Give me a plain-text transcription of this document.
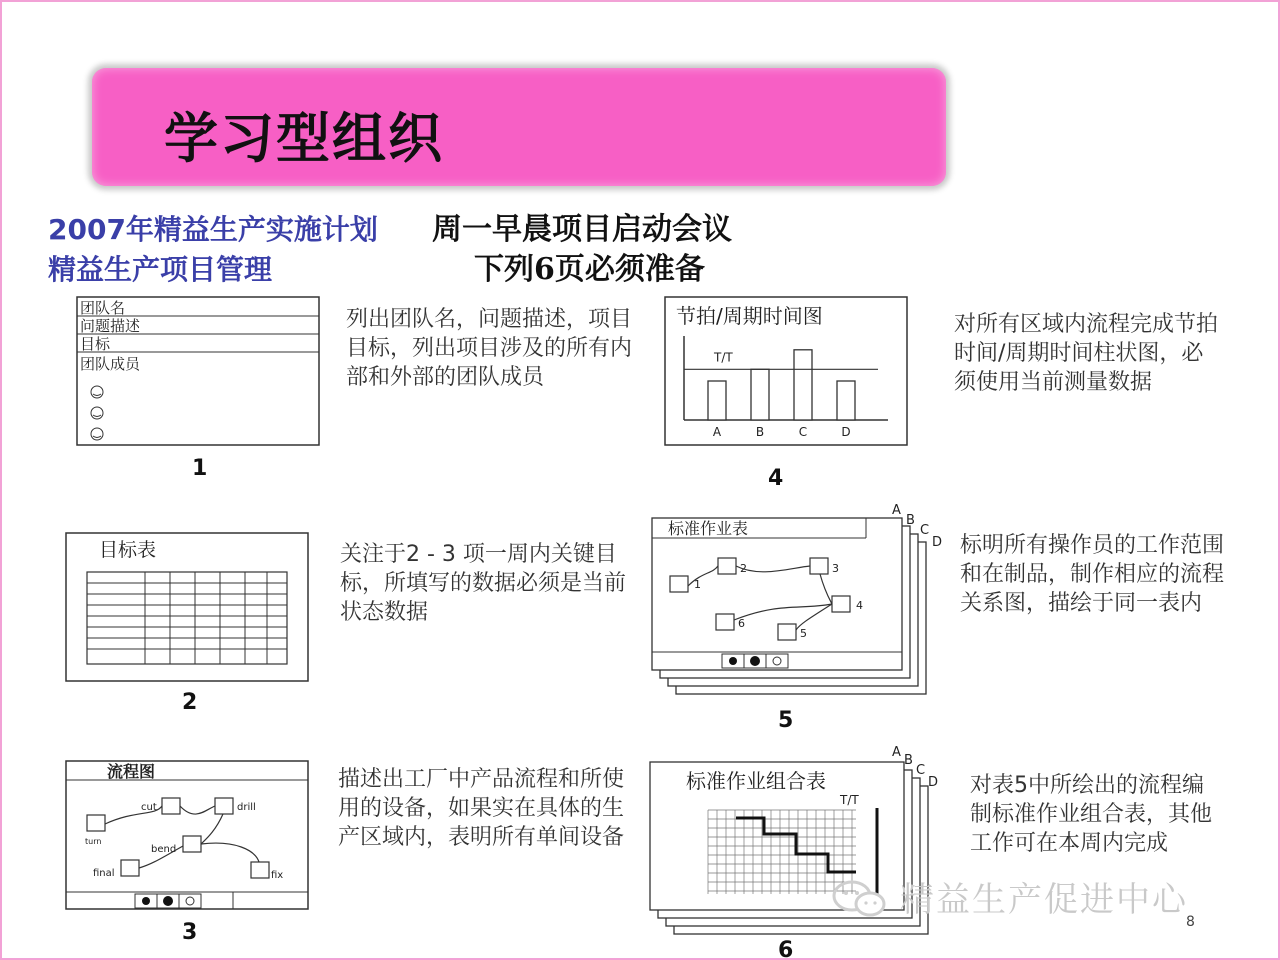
学习型组织
2007年精益生产实施计划
精益生产项目管理
周一早晨项目启动会议
下列6页必须准备
团队名
问题描述
目标
团队成员
1
列出团队名，问题描述，项目目标，列出项目涉及的所有内部和外部的团队成员
目标表
2
关注于2 - 3 项一周内关键目标，所填写的数据必须是当前状态数据
流程图
cut	drill
turn
bend
final	fix
3
描述出工厂中产品流程和所使用的设备，如果实在具体的生产区域内，表明所有单间设备
节拍/周期时间图
T/T
A	B	C	D
4
对所有区域内流程完成节拍时间/周期时间柱状图，必须使用当前测量数据
标准作业表
1
2	3
4
5
6
A
B
C
D
5
标明所有操作员的工作范围和在制品，制作相应的流程关系图，描绘于同一表内
标准作业组合表
T/T
A
B
C
D
6
对表5中所绘出的流程编制标准作业组合表，其他工作可在本周内完成
精益生产促进中心
8
